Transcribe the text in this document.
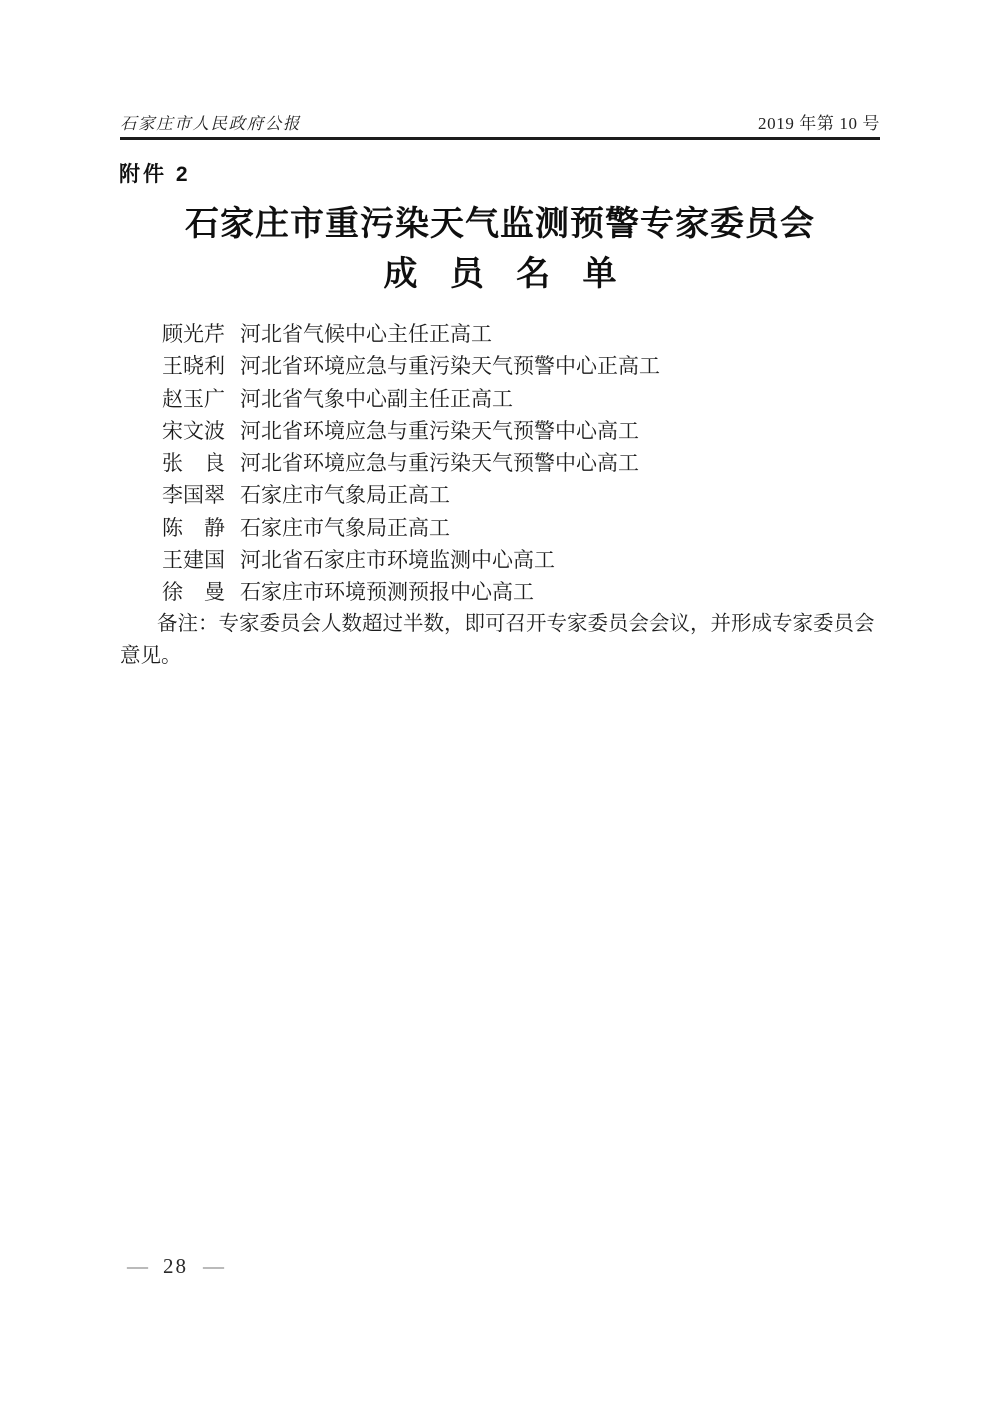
石家庄市人民政府公报	2019 年第 10 号
附件 2
石家庄市重污染天气监测预警专家委员会
成员名单
顾光芹 河北省气候中心主任正高工
王晓利 河北省环境应急与重污染天气预警中心正高工
赵玉广 河北省气象中心副主任正高工
宋文波 河北省环境应急与重污染天气预警中心高工
张　良 河北省环境应急与重污染天气预警中心高工
李国翠 石家庄市气象局正高工
陈　静 石家庄市气象局正高工
王建国 河北省石家庄市环境监测中心高工
徐　曼 石家庄市环境预测预报中心高工
备注：专家委员会人数超过半数，即可召开专家委员会会议，并形成专家委员会
意见。
— 28 —
